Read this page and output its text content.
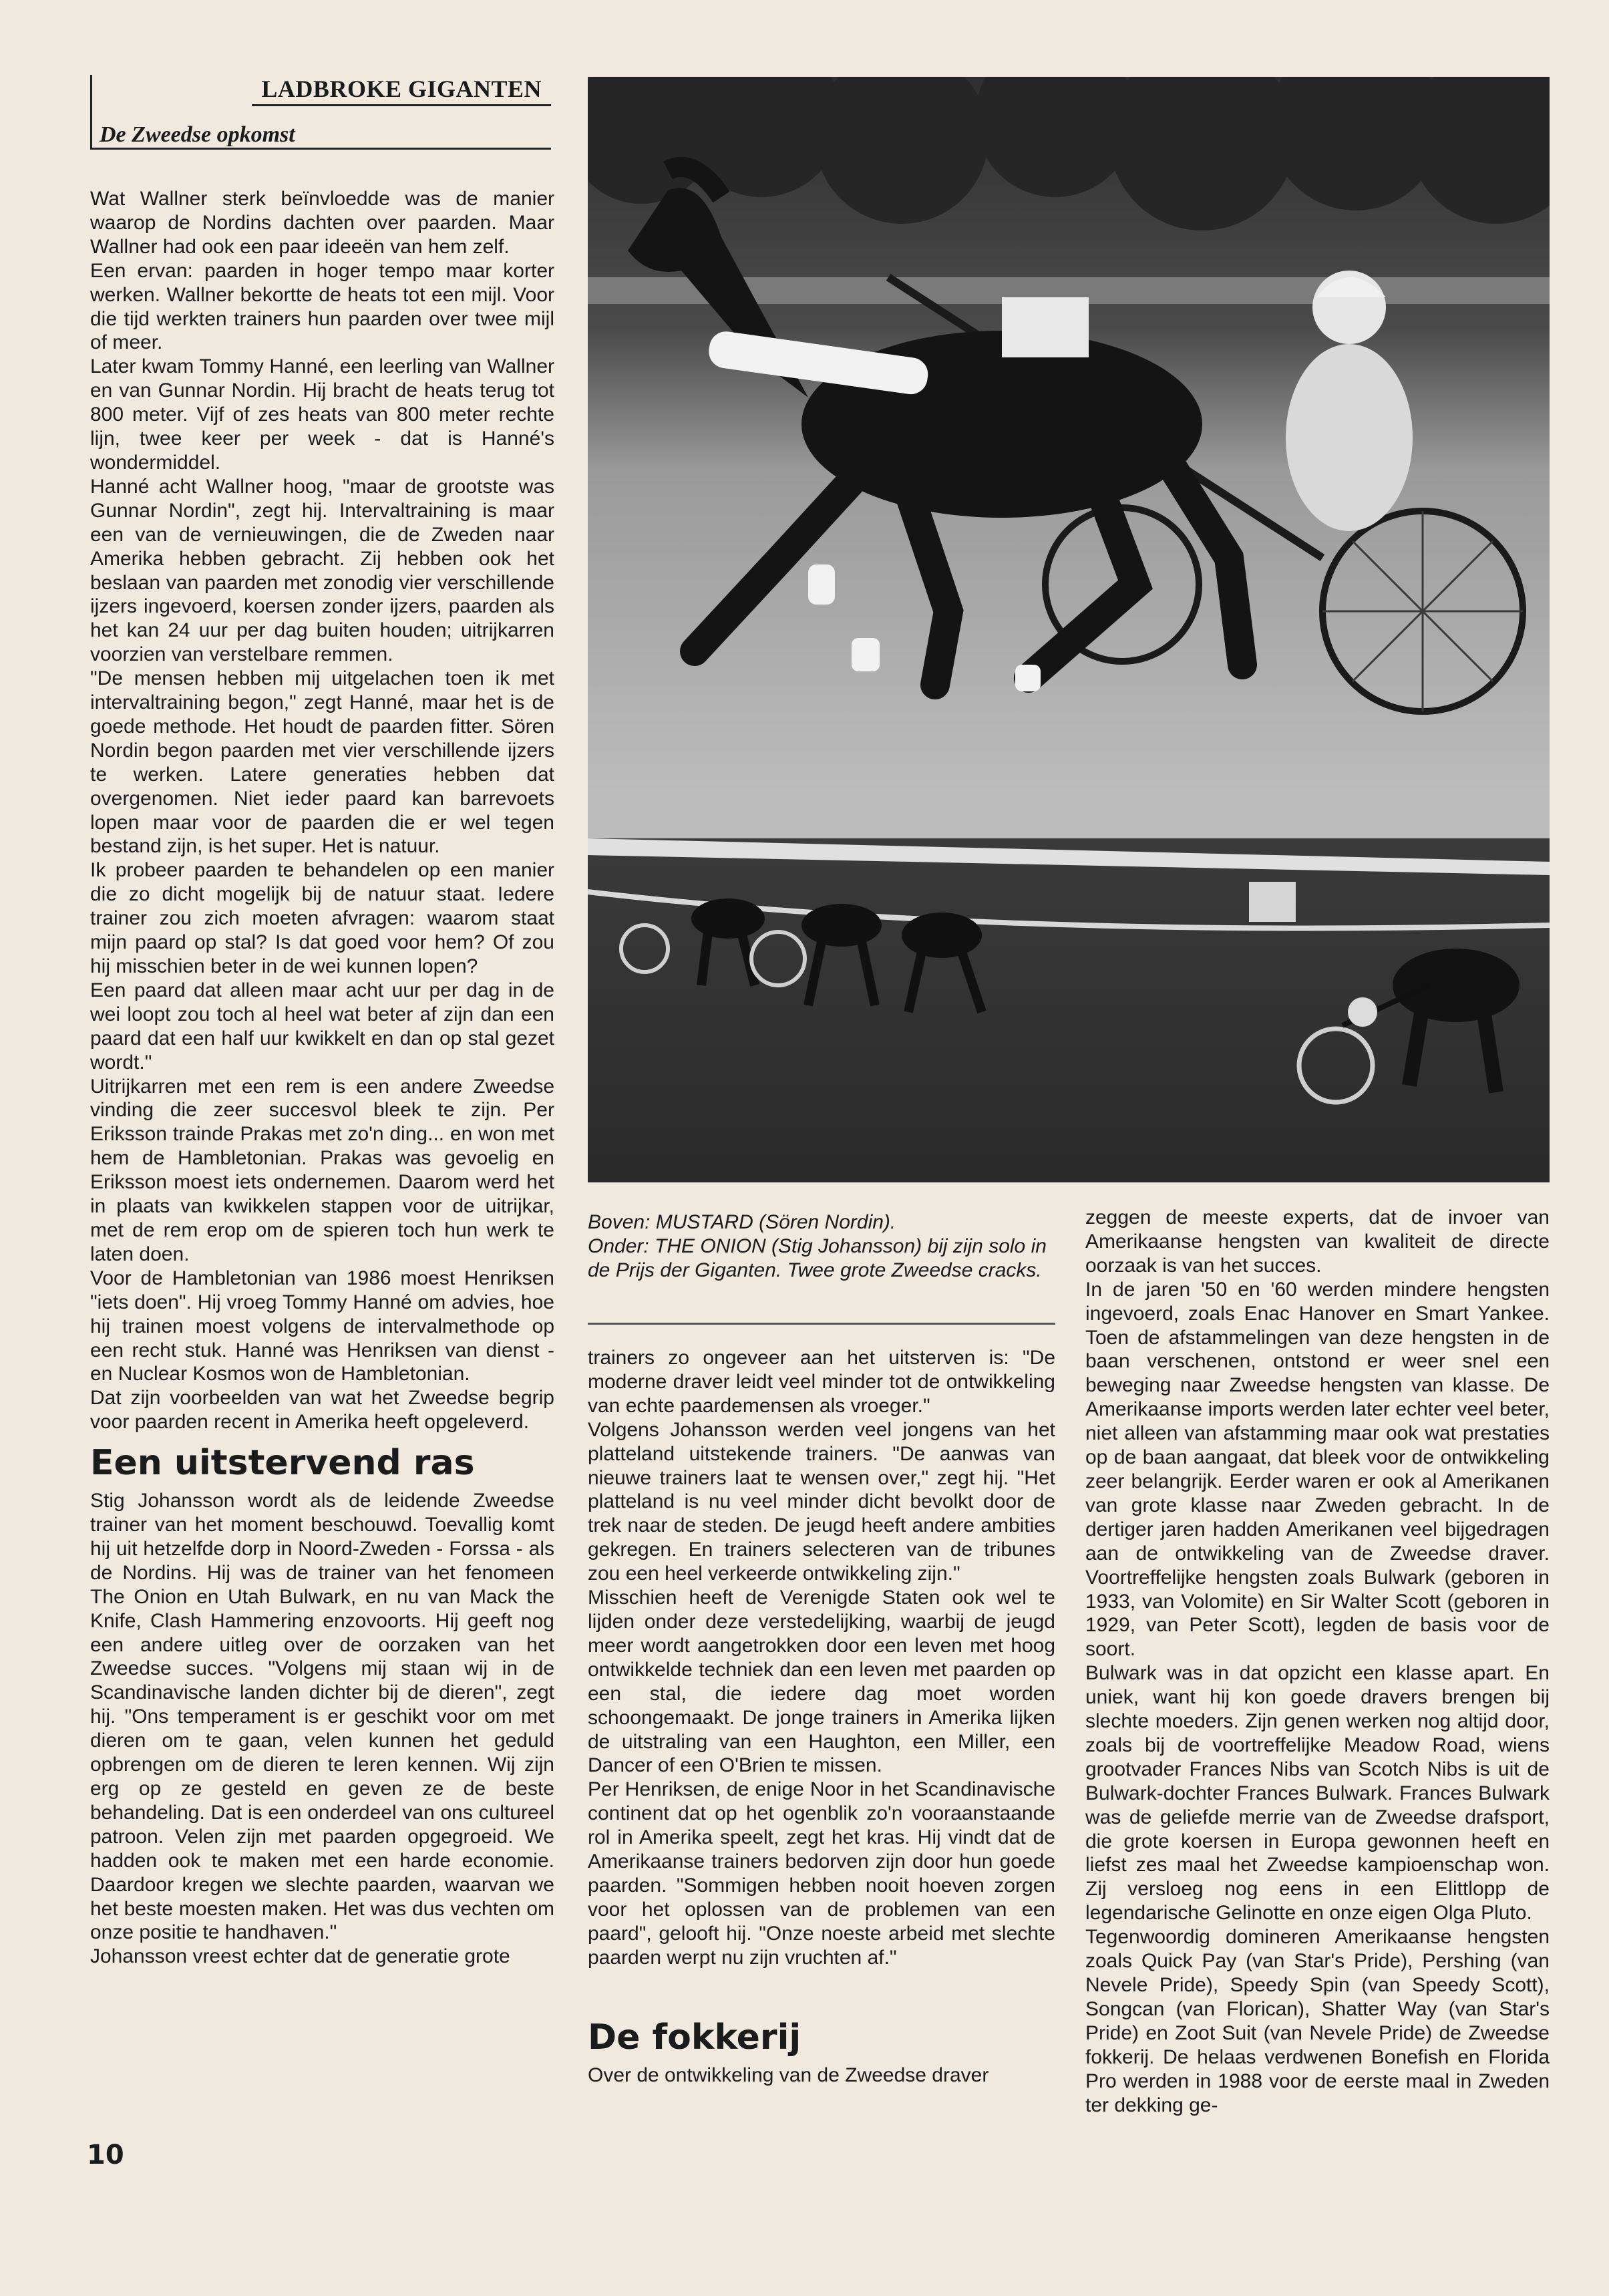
LADBROKE GIGANTEN
De Zweedse opkomst

Wat Wallner sterk beïnvloedde was de manier waarop de Nordins dachten over paarden. Maar Wallner had ook een paar ideeën van hem zelf.

Een ervan: paarden in hoger tempo maar korter werken. Wallner bekortte de heats tot een mijl. Voor die tijd werkten trainers hun paarden over twee mijl of meer.

Later kwam Tommy Hanné, een leerling van Wallner en van Gunnar Nordin. Hij bracht de heats terug tot 800 meter. Vijf of zes heats van 800 meter rechte lijn, twee keer per week - dat is Hanné's wondermiddel.

Hanné acht Wallner hoog, "maar de grootste was Gunnar Nordin", zegt hij. Intervaltraining is maar een van de vernieuwingen, die de Zweden naar Amerika hebben gebracht. Zij hebben ook het beslaan van paarden met zonodig vier verschillende ijzers ingevoerd, koersen zonder ijzers, paarden als het kan 24 uur per dag buiten houden; uitrijkarren voorzien van verstelbare remmen.

"De mensen hebben mij uitgelachen toen ik met intervaltraining begon," zegt Hanné, maar het is de goede methode. Het houdt de paarden fitter. Sören Nordin begon paarden met vier verschillende ijzers te werken. Latere generaties hebben dat overgenomen. Niet ieder paard kan barrevoets lopen maar voor de paarden die er wel tegen bestand zijn, is het super. Het is natuur.

Ik probeer paarden te behandelen op een manier die zo dicht mogelijk bij de natuur staat. Iedere trainer zou zich moeten afvragen: waarom staat mijn paard op stal? Is dat goed voor hem? Of zou hij misschien beter in de wei kunnen lopen?

Een paard dat alleen maar acht uur per dag in de wei loopt zou toch al heel wat beter af zijn dan een paard dat een half uur kwikkelt en dan op stal gezet wordt."

Uitrijkarren met een rem is een andere Zweedse vinding die zeer succesvol bleek te zijn. Per Eriksson trainde Prakas met zo'n ding... en won met hem de Hambletonian. Prakas was gevoelig en Eriksson moest iets ondernemen. Daarom werd het in plaats van kwikkelen stappen voor de uitrijkar, met de rem erop om de spieren toch hun werk te laten doen.

Voor de Hambletonian van 1986 moest Henriksen "iets doen". Hij vroeg Tommy Hanné om advies, hoe hij trainen moest volgens de intervalmethode op een recht stuk. Hanné was Henriksen van dienst - en Nuclear Kosmos won de Hambletonian.

Dat zijn voorbeelden van wat het Zweedse begrip voor paarden recent in Amerika heeft opgeleverd.

Een uitstervend ras

Stig Johansson wordt als de leidende Zweedse trainer van het moment beschouwd. Toevallig komt hij uit hetzelfde dorp in Noord-Zweden - Forssa - als de Nordins. Hij was de trainer van het fenomeen The Onion en Utah Bulwark, en nu van Mack the Knife, Clash Hammering enzovoorts. Hij geeft nog een andere uitleg over de oorzaken van het Zweedse succes. "Volgens mij staan wij in de Scandinavische landen dichter bij de dieren", zegt hij. "Ons temperament is er geschikt voor om met dieren om te gaan, velen kunnen het geduld opbrengen om de dieren te leren kennen. Wij zijn erg op ze gesteld en geven ze de beste behandeling. Dat is een onderdeel van ons cultureel patroon. Velen zijn met paarden opgegroeid. We hadden ook te maken met een harde economie. Daardoor kregen we slechte paarden, waarvan we het beste moesten maken. Het was dus vechten om onze positie te handhaven."

Johansson vreest echter dat de generatie grote

Boven: MUSTARD (Sören Nordin).
Onder: THE ONION (Stig Johansson) bij zijn solo in de Prijs der Giganten. Twee grote Zweedse cracks.

trainers zo ongeveer aan het uitsterven is: "De moderne draver leidt veel minder tot de ontwikkeling van echte paardemensen als vroeger."

Volgens Johansson werden veel jongens van het platteland uitstekende trainers. "De aanwas van nieuwe trainers laat te wensen over," zegt hij. "Het platteland is nu veel minder dicht bevolkt door de trek naar de steden. De jeugd heeft andere ambities gekregen. En trainers selecteren van de tribunes zou een heel verkeerde ontwikkeling zijn."

Misschien heeft de Verenigde Staten ook wel te lijden onder deze verstedelijking, waarbij de jeugd meer wordt aangetrokken door een leven met hoog ontwikkelde techniek dan een leven met paarden op een stal, die iedere dag moet worden schoongemaakt. De jonge trainers in Amerika lijken de uitstraling van een Haughton, een Miller, een Dancer of een O'Brien te missen.

Per Henriksen, de enige Noor in het Scandinavische continent dat op het ogenblik zo'n vooraanstaande rol in Amerika speelt, zegt het kras. Hij vindt dat de Amerikaanse trainers bedorven zijn door hun goede paarden. "Sommigen hebben nooit hoeven zorgen voor het oplossen van de problemen van een paard", gelooft hij. "Onze noeste arbeid met slechte paarden werpt nu zijn vruchten af."

De fokkerij

Over de ontwikkeling van de Zweedse draver

zeggen de meeste experts, dat de invoer van Amerikaanse hengsten van kwaliteit de directe oorzaak is van het succes.

In de jaren '50 en '60 werden mindere hengsten ingevoerd, zoals Enac Hanover en Smart Yankee. Toen de afstammelingen van deze hengsten in de baan verschenen, ontstond er weer snel een beweging naar Zweedse hengsten van klasse. De Amerikaanse imports werden later echter veel beter, niet alleen van afstamming maar ook wat prestaties op de baan aangaat, dat bleek voor de ontwikkeling zeer belangrijk. Eerder waren er ook al Amerikanen van grote klasse naar Zweden gebracht. In de dertiger jaren hadden Amerikanen veel bijgedragen aan de ontwikkeling van de Zweedse draver. Voortreffelijke hengsten zoals Bulwark (geboren in 1933, van Volomite) en Sir Walter Scott (geboren in 1929, van Peter Scott), legden de basis voor de soort.

Bulwark was in dat opzicht een klasse apart. En uniek, want hij kon goede dravers brengen bij slechte moeders. Zijn genen werken nog altijd door, zoals bij de voortreffelijke Meadow Road, wiens grootvader Frances Nibs van Scotch Nibs is uit de Bulwark-dochter Frances Bulwark. Frances Bulwark was de geliefde merrie van de Zweedse drafsport, die grote koersen in Europa gewonnen heeft en liefst zes maal het Zweedse kampioenschap won. Zij versloeg nog eens in een Elittlopp de legendarische Gelinotte en onze eigen Olga Pluto.

Tegenwoordig domineren Amerikaanse hengsten zoals Quick Pay (van Star's Pride), Pershing (van Nevele Pride), Speedy Spin (van Speedy Scott), Songcan (van Florican), Shatter Way (van Star's Pride) en Zoot Suit (van Nevele Pride) de Zweedse fokkerij. De helaas verdwenen Bonefish en Florida Pro werden in 1988 voor de eerste maal in Zweden ter dekking ge-

10
